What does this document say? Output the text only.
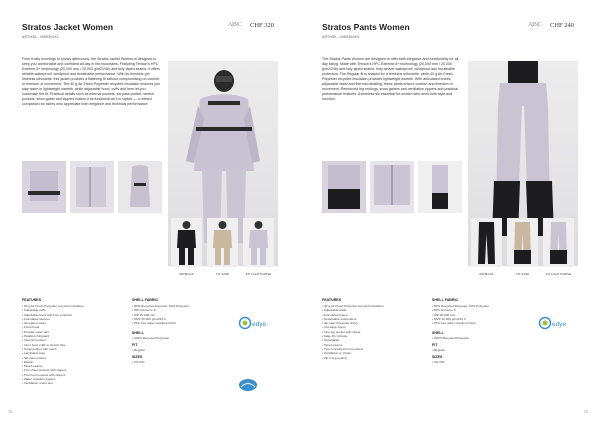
Stratos Jacket Women
ARTIKEL: 4055304X1
A|B|C CHF 320
From frosty mornings to snowy afternoons, the Stratos Jacket Women is designed to keep you comfortable and confident all day in the mountains. Featuring Tenson's HPC Extreme 8+ technology (20,000 mm / 20,000 g/m2/24h) and fully taped seams, it offers reliable waterproof, windproof and breathable performance. With its feminine yet timeless silhouette, this jacket provides a flattering fit without compromising on comfort or freedom of movement. The 40 g Air-Fresh Polyester recycled insulation ensures you stay warm in lightweight warmth, while adjustable hood, cuffs and hem let you customise the fit. Practical details such as internal pockets, ski pass pocket, stretch pockets, snow gaiter and zippers makes it as functional as it is stylish — a refined companion for skiers who appreciate both elegance and technical performance.
009 BLACK	721 SAND	447 LIGHT PURPLE
FEATURES
• 60 g Air-Fresh Polyester recycled insulation
• Adjustable cuffs
• Adjustable hood with brim protector
• Articulated sleeves
• Ski pass pocket
• Fixed hood
• Powder snow skirt
• Padded chinguard
• Internal pockets
• Inner lycra cuffs w. thumb hole
• Snow pocket with mesh
• Laminated logo
• Ski pass pocket
• Elastic
• Taped seams
• Two chest pockets with zippers
• Two front pockets with zippers
• Water repellent zippers
• Ventilation under arm
SHELL FABRIC
• 50% Recycled Polyester, 50% Polyester
• HPC Extreme 8
• WP 20 000 mm
• MVP 20 000 g/m2/24 h
• PFC free water repellent finish
SHELL
• 100% Recycled Polyester
FIT
• Regular
SIZES
• XS-XXL
edye
70
Stratos Pants Women
ARTIKEL: 4055304X3
A|B|C CHF 240
The Stratos Pants Women are designed to offer both elegance and functionality for all-day skiing. Made with Tenson's HPC Extreme 8+ technology (20,000 mm / 20,000 g/m2/24h) and fully taped seams, they deliver waterproof, windproof and breathable protection. The Regular fit is shaped for a feminine silhouette, while 40 g Air-Fresh Polyester recycled insulation provides lightweight warmth. With articulated knees, adjustable waist and thermal detailing, these pants ensure comfort and freedom of movement. Reinforced leg endings, snow gaiters and ventilation zippers add practical performance features. A timeless ski essential for women who seek both style and function.
009 BLACK	721 SAND	447 LIGHT PURPLE
FEATURES
• 40 g Air-Fresh Polyester recycled insulation
• Adjustable waist
• Articulated knees
• Detachable suspenders
• Ski pass Polyester lining
• Cut-edge zipper
• Fine leg pocket with zipper
• Fake Fly Closure
• Snowgaiter
• Taped seams
• Two concealed front pockets
• Ventilation w. zipper
• Zip in leg ending
SHELL FABRIC
• 50% Recycled Polyester, 50% Polyester
• HPC Extreme 8
• WP 20 000 mm
• MVP 20 000 g/m2/24 h
• PFC free water repellent finish
SHELL
• 100% Recycled Polyester
FIT
• Regular
SIZES
• XS-XXL
edye
71
